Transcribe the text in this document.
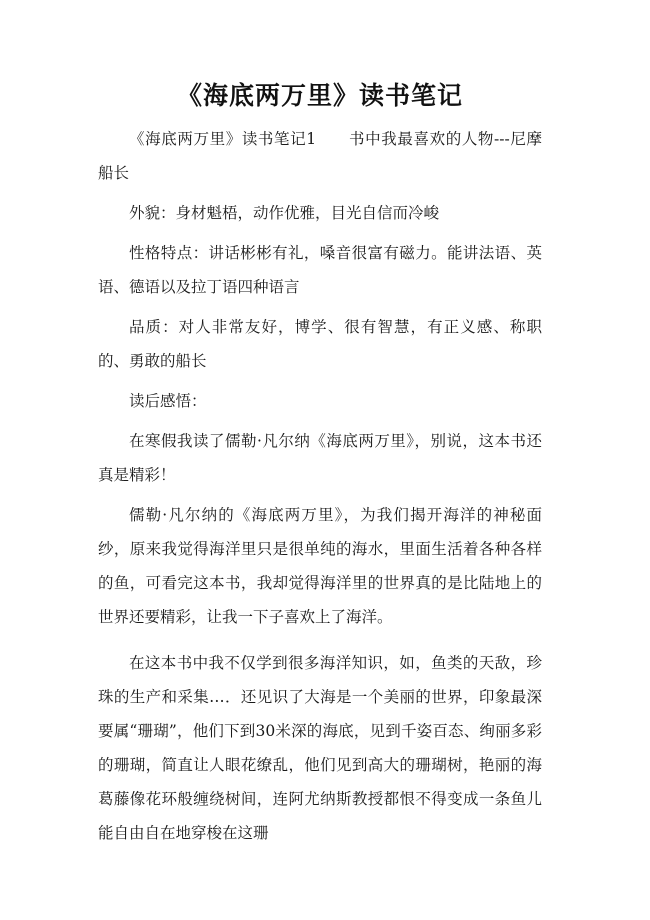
《海底两万里》读书笔记

《海底两万里》读书笔记1　　书中我最喜欢的人物---尼摩船长

外貌：身材魁梧，动作优雅，目光自信而冷峻

性格特点：讲话彬彬有礼，嗓音很富有磁力。能讲法语、英语、德语以及拉丁语四种语言

品质：对人非常友好，博学、很有智慧，有正义感、称职的、勇敢的船长

读后感悟：

在寒假我读了儒勒·凡尔纳《海底两万里》，别说，这本书还真是精彩！

儒勒·凡尔纳的《海底两万里》，为我们揭开海洋的神秘面纱，原来我觉得海洋里只是很单纯的海水，里面生活着各种各样的鱼，可看完这本书，我却觉得海洋里的世界真的是比陆地上的世界还要精彩，让我一下子喜欢上了海洋。

在这本书中我不仅学到很多海洋知识，如，鱼类的天敌，珍珠的生产和采集…．还见识了大海是一个美丽的世界，印象最深要属“珊瑚”，他们下到30米深的海底，见到千姿百态、绚丽多彩的珊瑚，简直让人眼花缭乱，他们见到高大的珊瑚树，艳丽的海葛藤像花环般缠绕树间，连阿尤纳斯教授都恨不得变成一条鱼儿能自由自在地穿梭在这珊
